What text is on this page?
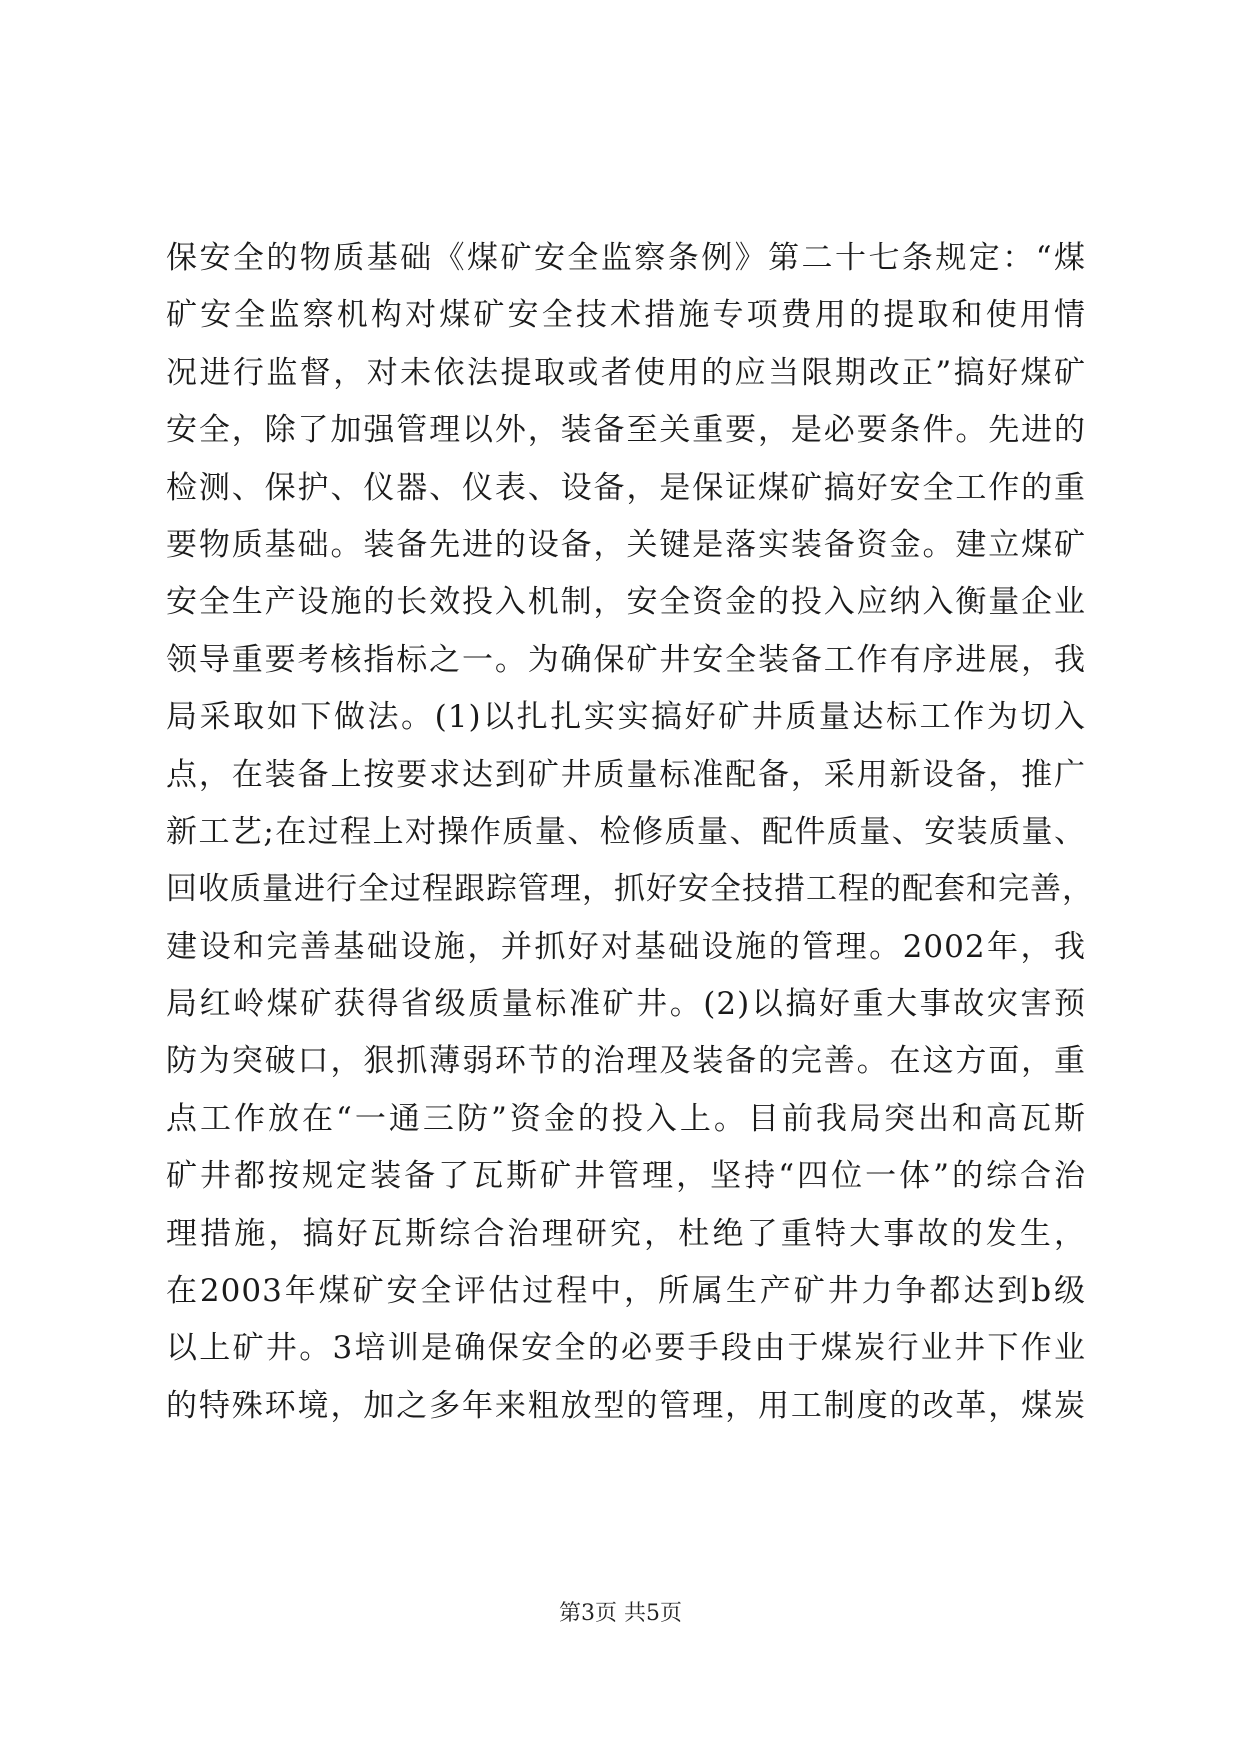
保安全的物质基础《煤矿安全监察条例》第二十七条规定：“煤
矿安全监察机构对煤矿安全技术措施专项费用的提取和使用情
况进行监督，对未依法提取或者使用的应当限期改正”搞好煤矿
安全，除了加强管理以外，装备至关重要，是必要条件。先进的
检测、保护、仪器、仪表、设备，是保证煤矿搞好安全工作的重
要物质基础。装备先进的设备，关键是落实装备资金。建立煤矿
安全生产设施的长效投入机制，安全资金的投入应纳入衡量企业
领导重要考核指标之一。为确保矿井安全装备工作有序进展，我
局采取如下做法。(1)以扎扎实实搞好矿井质量达标工作为切入
点，在装备上按要求达到矿井质量标准配备，采用新设备，推广
新工艺;在过程上对操作质量、检修质量、配件质量、安装质量、
回收质量进行全过程跟踪管理，抓好安全技措工程的配套和完善，
建设和完善基础设施，并抓好对基础设施的管理。2002年，我
局红岭煤矿获得省级质量标准矿井。(2)以搞好重大事故灾害预
防为突破口，狠抓薄弱环节的治理及装备的完善。在这方面，重
点工作放在“一通三防”资金的投入上。目前我局突出和高瓦斯
矿井都按规定装备了瓦斯矿井管理，坚持“四位一体”的综合治
理措施，搞好瓦斯综合治理研究，杜绝了重特大事故的发生，
在2003年煤矿安全评估过程中，所属生产矿井力争都达到b级
以上矿井。3培训是确保安全的必要手段由于煤炭行业井下作业
的特殊环境，加之多年来粗放型的管理，用工制度的改革，煤炭
第3页 共5页
